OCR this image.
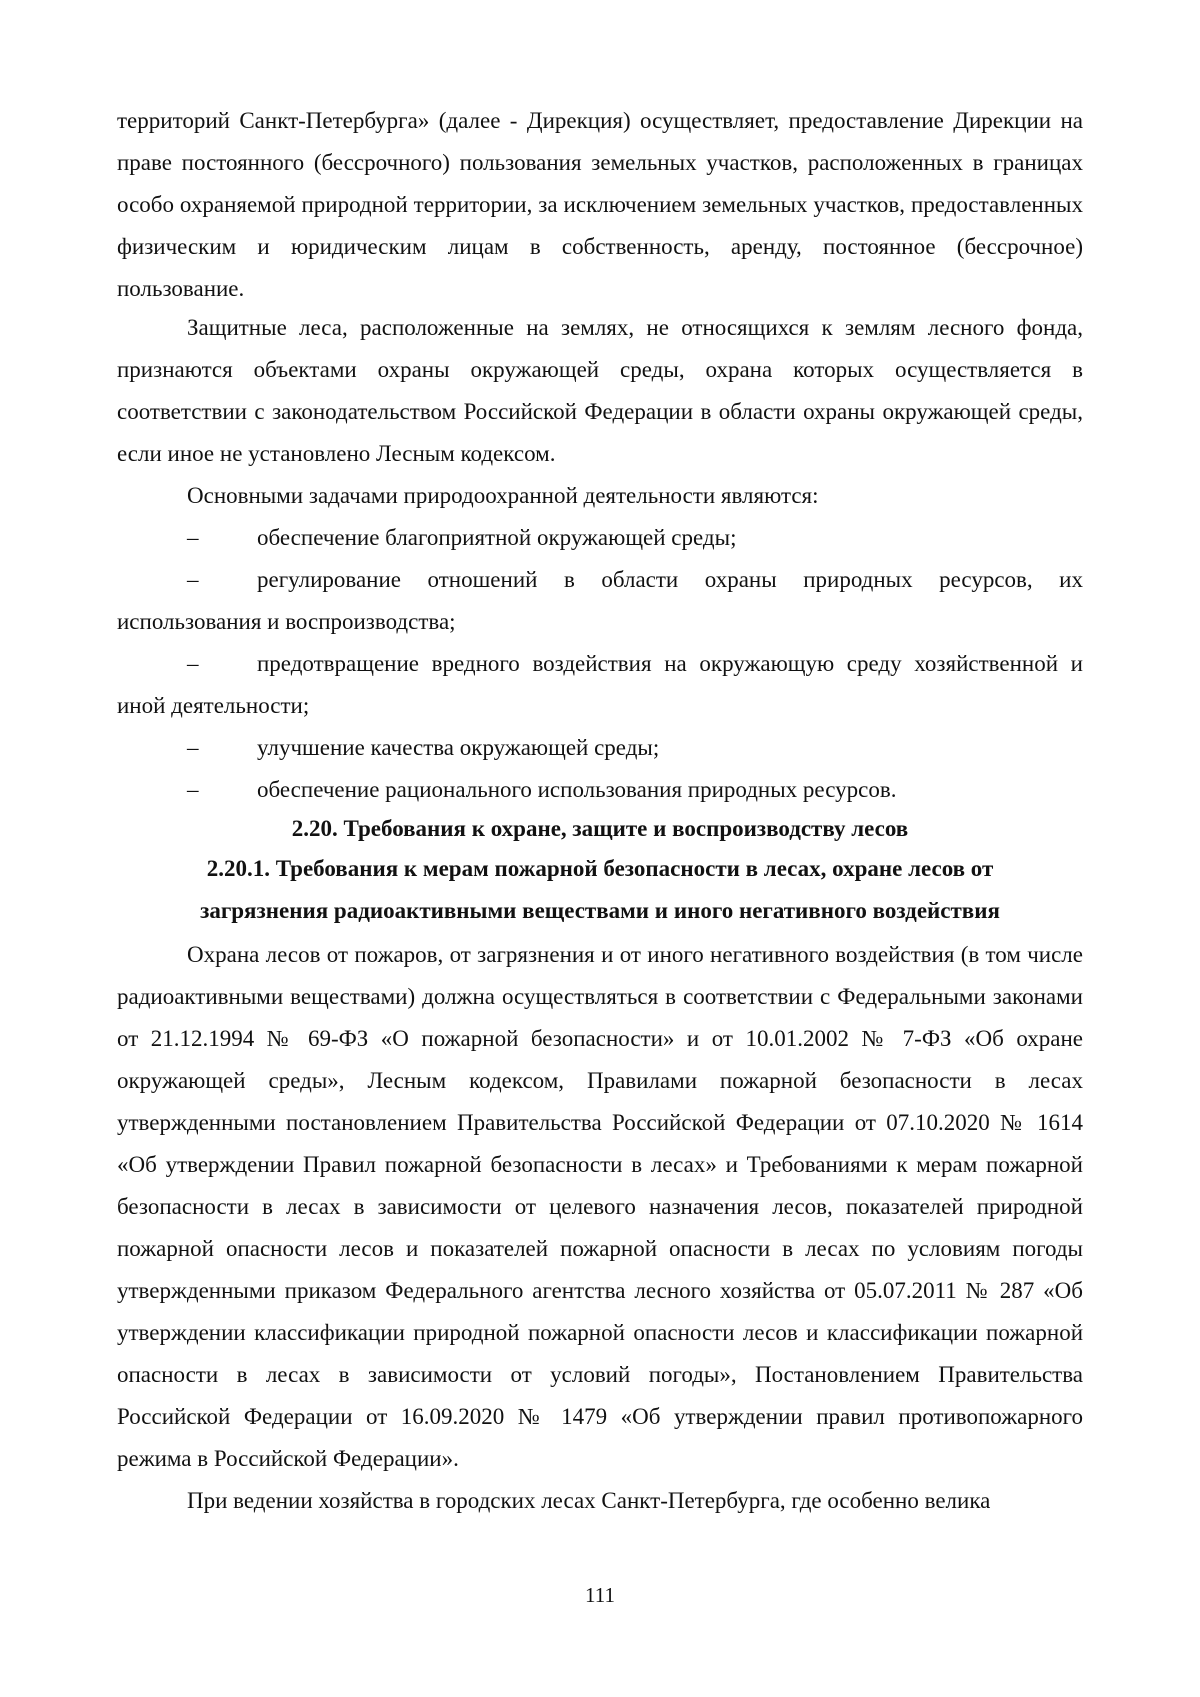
территорий Санкт-Петербурга» (далее - Дирекция) осуществляет, предоставление Дирекции на праве постоянного (бессрочного) пользования земельных участков, расположенных в границах особо охраняемой природной территории, за исключением земельных участков, предоставленных физическим и юридическим лицам в собственность, аренду, постоянное (бессрочное) пользование.

Защитные леса, расположенные на землях, не относящихся к землям лесного фонда, признаются объектами охраны окружающей среды, охрана которых осуществляется в соответствии с законодательством Российской Федерации в области охраны окружающей среды, если иное не установлено Лесным кодексом.

Основными задачами природоохранной деятельности являются:

–	обеспечение благоприятной окружающей среды;

–	регулирование отношений в области охраны природных ресурсов, их использования и воспроизводства;

–	предотвращение вредного воздействия на окружающую среду хозяйственной и иной деятельности;

–	улучшение качества окружающей среды;

–	обеспечение рационального использования природных ресурсов.

2.20. Требования к охране, защите и воспроизводству лесов

2.20.1. Требования к мерам пожарной безопасности в лесах, охране лесов от

загрязнения радиоактивными веществами и иного негативного воздействия

Охрана лесов от пожаров, от загрязнения и от иного негативного воздействия (в том числе радиоактивными веществами) должна осуществляться в соответствии с Федеральными законами от 21.12.1994 № 69-ФЗ «О пожарной безопасности» и от 10.01.2002 № 7-ФЗ «Об охране окружающей среды», Лесным кодексом, Правилами пожарной безопасности в лесах утвержденными постановлением Правительства Российской Федерации от 07.10.2020 № 1614 «Об утверждении Правил пожарной безопасности в лесах» и Требованиями к мерам пожарной безопасности в лесах в зависимости от целевого назначения лесов, показателей природной пожарной опасности лесов и показателей пожарной опасности в лесах по условиям погоды утвержденными приказом Федерального агентства лесного хозяйства от 05.07.2011 № 287 «Об утверждении классификации природной пожарной опасности лесов и классификации пожарной опасности в лесах в зависимости от условий погоды», Постановлением Правительства Российской Федерации от 16.09.2020 № 1479 «Об утверждении правил противопожарного режима в Российской Федерации».

При ведении хозяйства в городских лесах Санкт-Петербурга, где особенно велика

111
